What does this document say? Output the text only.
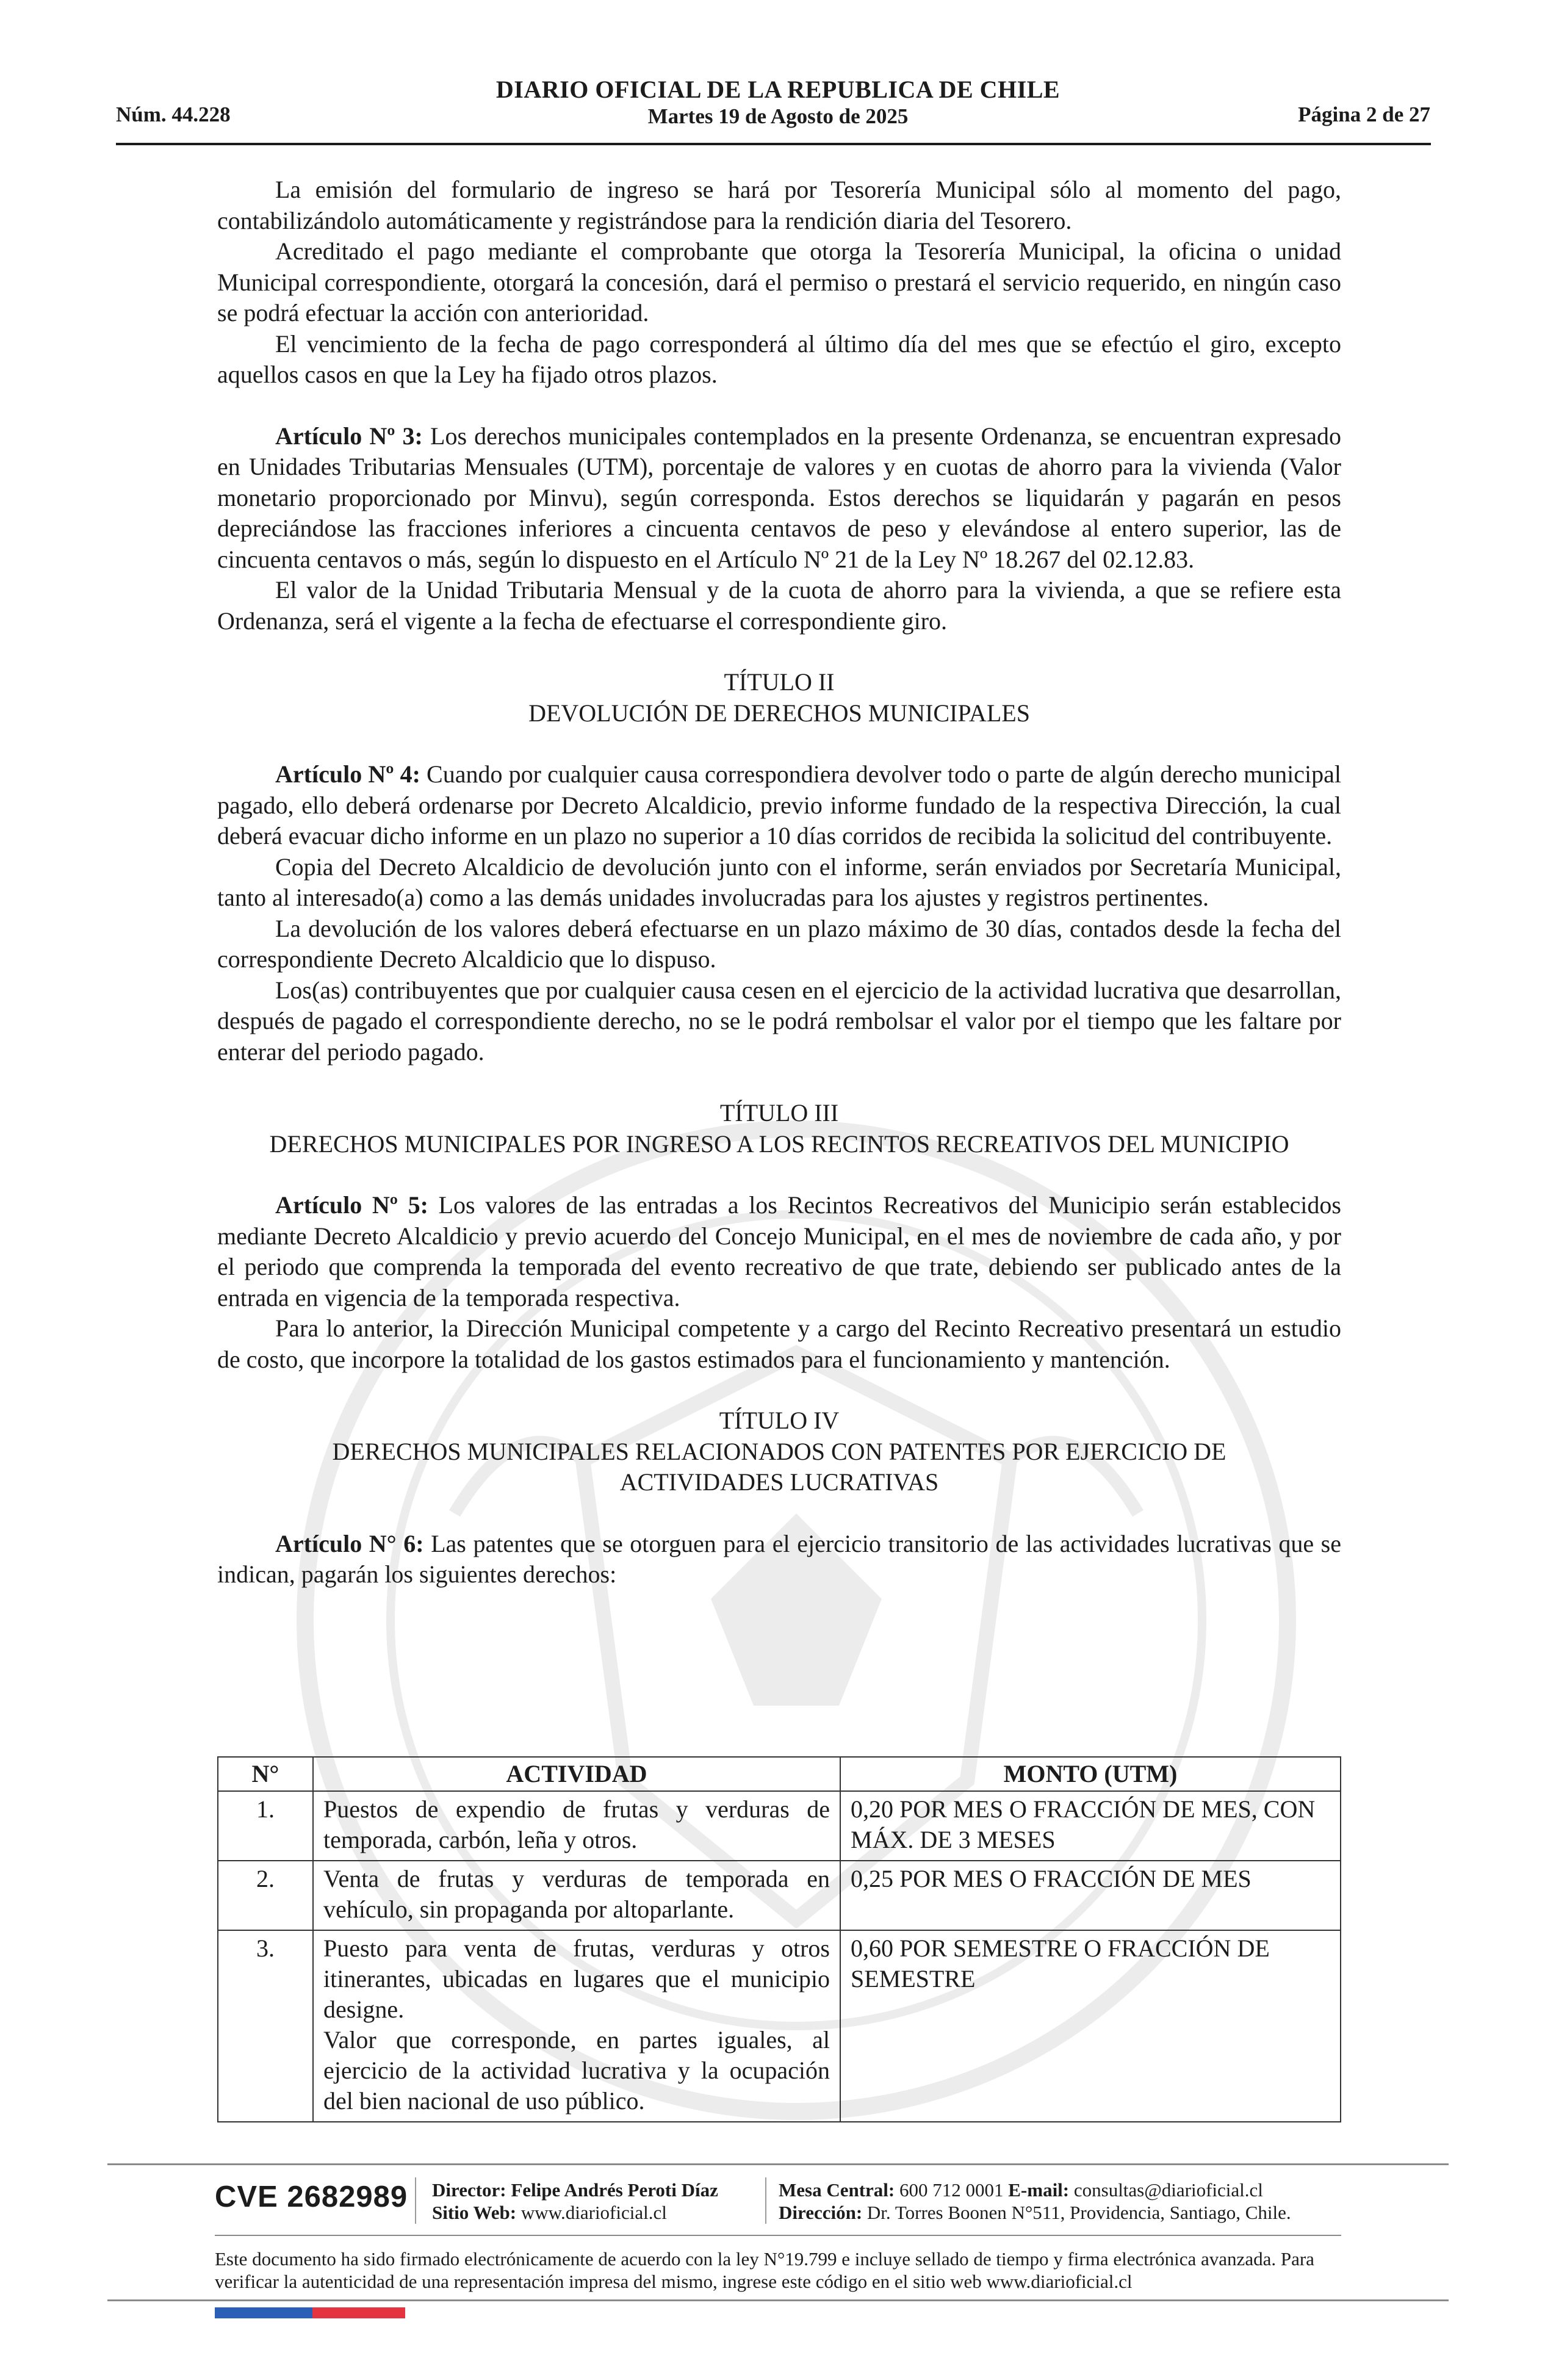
Núm. 44.228
DIARIO OFICIAL DE LA REPUBLICA DE CHILE
Martes 19 de Agosto de 2025	Página 2 de 27

La emisión del formulario de ingreso se hará por Tesorería Municipal sólo al momento del pago, contabilizándolo automáticamente y registrándose para la rendición diaria del Tesorero.

Acreditado el pago mediante el comprobante que otorga la Tesorería Municipal, la oficina o unidad Municipal correspondiente, otorgará la concesión, dará el permiso o prestará el servicio requerido, en ningún caso se podrá efectuar la acción con anterioridad.

El vencimiento de la fecha de pago corresponderá al último día del mes que se efectúo el giro, excepto aquellos casos en que la Ley ha fijado otros plazos.

Artículo Nº 3: Los derechos municipales contemplados en la presente Ordenanza, se encuentran expresado en Unidades Tributarias Mensuales (UTM), porcentaje de valores y en cuotas de ahorro para la vivienda (Valor monetario proporcionado por Minvu), según corresponda. Estos derechos se liquidarán y pagarán en pesos depreciándose las fracciones inferiores a cincuenta centavos de peso y elevándose al entero superior, las de cincuenta centavos o más, según lo dispuesto en el Artículo Nº 21 de la Ley Nº 18.267 del 02.12.83.

El valor de la Unidad Tributaria Mensual y de la cuota de ahorro para la vivienda, a que se refiere esta Ordenanza, será el vigente a la fecha de efectuarse el correspondiente giro.

TÍTULO II
DEVOLUCIÓN DE DERECHOS MUNICIPALES

Artículo Nº 4: Cuando por cualquier causa correspondiera devolver todo o parte de algún derecho municipal pagado, ello deberá ordenarse por Decreto Alcaldicio, previo informe fundado de la respectiva Dirección, la cual deberá evacuar dicho informe en un plazo no superior a 10 días corridos de recibida la solicitud del contribuyente.

Copia del Decreto Alcaldicio de devolución junto con el informe, serán enviados por Secretaría Municipal, tanto al interesado(a) como a las demás unidades involucradas para los ajustes y registros pertinentes.

La devolución de los valores deberá efectuarse en un plazo máximo de 30 días, contados desde la fecha del correspondiente Decreto Alcaldicio que lo dispuso.

Los(as) contribuyentes que por cualquier causa cesen en el ejercicio de la actividad lucrativa que desarrollan, después de pagado el correspondiente derecho, no se le podrá rembolsar el valor por el tiempo que les faltare por enterar del periodo pagado.

TÍTULO III
DERECHOS MUNICIPALES POR INGRESO A LOS RECINTOS RECREATIVOS DEL MUNICIPIO

Artículo Nº 5: Los valores de las entradas a los Recintos Recreativos del Municipio serán establecidos mediante Decreto Alcaldicio y previo acuerdo del Concejo Municipal, en el mes de noviembre de cada año, y por el periodo que comprenda la temporada del evento recreativo de que trate, debiendo ser publicado antes de la entrada en vigencia de la temporada respectiva.

Para lo anterior, la Dirección Municipal competente y a cargo del Recinto Recreativo presentará un estudio de costo, que incorpore la totalidad de los gastos estimados para el funcionamiento y mantención.

TÍTULO IV
DERECHOS MUNICIPALES RELACIONADOS CON PATENTES POR EJERCICIO DE ACTIVIDADES LUCRATIVAS

Artículo N° 6: Las patentes que se otorguen para el ejercicio transitorio de las actividades lucrativas que se indican, pagarán los siguientes derechos:

N°	ACTIVIDAD	MONTO (UTM)
1.	Puestos de expendio de frutas y verduras de temporada, carbón, leña y otros.	0,20 POR MES O FRACCIÓN DE MES, CON MÁX. DE 3 MESES
2.	Venta de frutas y verduras de temporada en vehículo, sin propaganda por altoparlante.	0,25 POR MES O FRACCIÓN DE MES
3.	Puesto para venta de frutas, verduras y otros itinerantes, ubicadas en lugares que el municipio designe.
Valor que corresponde, en partes iguales, al ejercicio de la actividad lucrativa y la ocupación del bien nacional de uso público.	0,60 POR SEMESTRE O FRACCIÓN DE SEMESTRE
CVE 2682989 Director: Felipe Andrés Peroti Díaz
Sitio Web: www.diarioficial.cl
Mesa Central: 600 712 0001 E-mail: consultas@diarioficial.cl
Dirección: Dr. Torres Boonen N°511, Providencia, Santiago, Chile.
Este documento ha sido firmado electrónicamente de acuerdo con la ley N°19.799 e incluye sellado de tiempo y firma electrónica avanzada. Para verificar la autenticidad de una representación impresa del mismo, ingrese este código en el sitio web www.diarioficial.cl
